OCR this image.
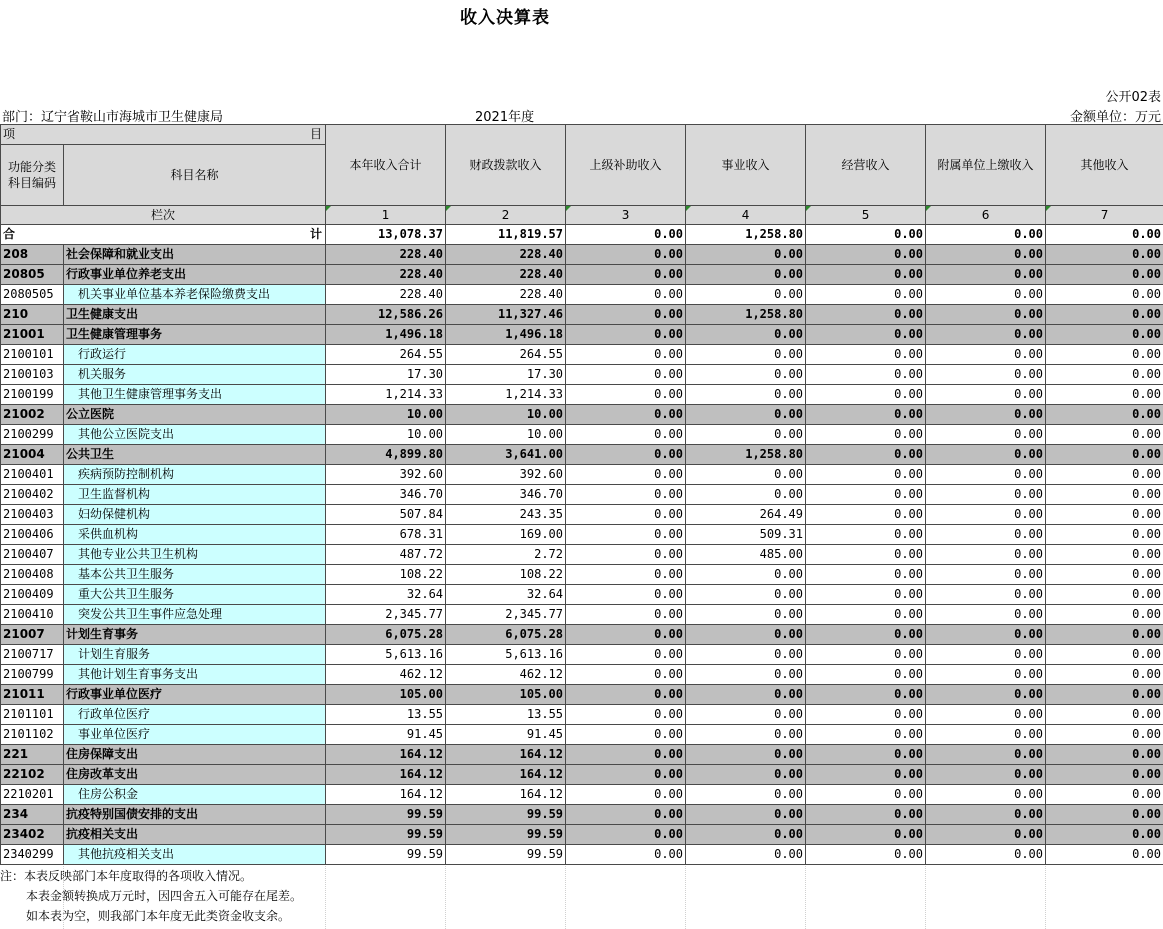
收入决算表
公开02表
部门：辽宁省鞍山市海城市卫生健康局	2021年度	金额单位：万元
项 目		本年收入合计	财政拨款收入	上级补助收入	事业收入	经营收入	附属单位上缴收入	其他收入
功能分类科目编码	科目名称							
栏次		1	2	3	4	5	6	7
合 计		13,078.37	11,819.57	0.00	1,258.80	0.00	0.00	0.00
208	社会保障和就业支出	228.40	228.40	0.00	0.00	0.00	0.00	0.00
20805	行政事业单位养老支出	228.40	228.40	0.00	0.00	0.00	0.00	0.00
2080505	机关事业单位基本养老保险缴费支出	228.40	228.40	0.00	0.00	0.00	0.00	0.00
210	卫生健康支出	12,586.26	11,327.46	0.00	1,258.80	0.00	0.00	0.00
21001	卫生健康管理事务	1,496.18	1,496.18	0.00	0.00	0.00	0.00	0.00
2100101	行政运行	264.55	264.55	0.00	0.00	0.00	0.00	0.00
2100103	机关服务	17.30	17.30	0.00	0.00	0.00	0.00	0.00
2100199	其他卫生健康管理事务支出	1,214.33	1,214.33	0.00	0.00	0.00	0.00	0.00
21002	公立医院	10.00	10.00	0.00	0.00	0.00	0.00	0.00
2100299	其他公立医院支出	10.00	10.00	0.00	0.00	0.00	0.00	0.00
21004	公共卫生	4,899.80	3,641.00	0.00	1,258.80	0.00	0.00	0.00
2100401	疾病预防控制机构	392.60	392.60	0.00	0.00	0.00	0.00	0.00
2100402	卫生监督机构	346.70	346.70	0.00	0.00	0.00	0.00	0.00
2100403	妇幼保健机构	507.84	243.35	0.00	264.49	0.00	0.00	0.00
2100406	采供血机构	678.31	169.00	0.00	509.31	0.00	0.00	0.00
2100407	其他专业公共卫生机构	487.72	2.72	0.00	485.00	0.00	0.00	0.00
2100408	基本公共卫生服务	108.22	108.22	0.00	0.00	0.00	0.00	0.00
2100409	重大公共卫生服务	32.64	32.64	0.00	0.00	0.00	0.00	0.00
2100410	突发公共卫生事件应急处理	2,345.77	2,345.77	0.00	0.00	0.00	0.00	0.00
21007	计划生育事务	6,075.28	6,075.28	0.00	0.00	0.00	0.00	0.00
2100717	计划生育服务	5,613.16	5,613.16	0.00	0.00	0.00	0.00	0.00
2100799	其他计划生育事务支出	462.12	462.12	0.00	0.00	0.00	0.00	0.00
21011	行政事业单位医疗	105.00	105.00	0.00	0.00	0.00	0.00	0.00
2101101	行政单位医疗	13.55	13.55	0.00	0.00	0.00	0.00	0.00
2101102	事业单位医疗	91.45	91.45	0.00	0.00	0.00	0.00	0.00
221	住房保障支出	164.12	164.12	0.00	0.00	0.00	0.00	0.00
22102	住房改革支出	164.12	164.12	0.00	0.00	0.00	0.00	0.00
2210201	住房公积金	164.12	164.12	0.00	0.00	0.00	0.00	0.00
234	抗疫特别国债安排的支出	99.59	99.59	0.00	0.00	0.00	0.00	0.00
23402	抗疫相关支出	99.59	99.59	0.00	0.00	0.00	0.00	0.00
2340299	其他抗疫相关支出	99.59	99.59	0.00	0.00	0.00	0.00	0.00
注：本表反映部门本年度取得的各项收入情况。
本表金额转换成万元时，因四舍五入可能存在尾差。
如本表为空，则我部门本年度无此类资金收支余。
